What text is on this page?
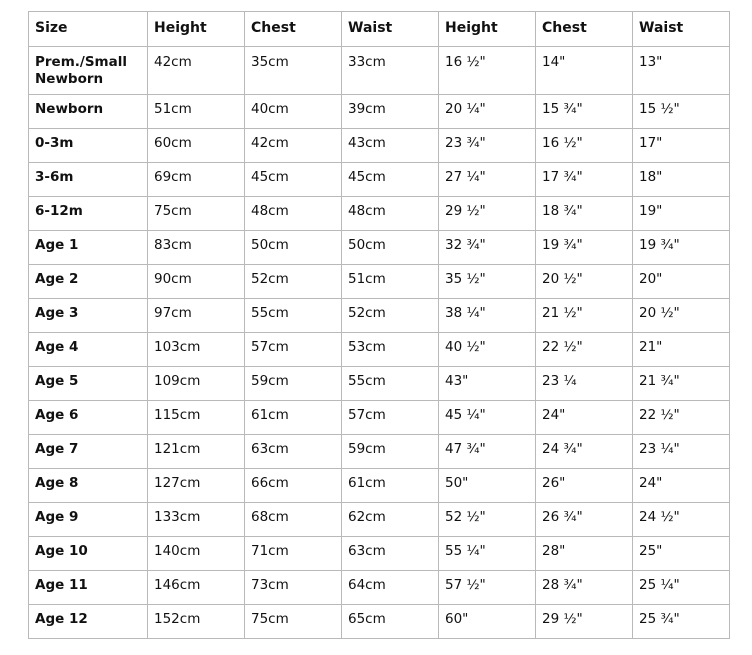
Size	Height	Chest	Waist	Height	Chest	Waist
Prem./Small Newborn	42cm	35cm	33cm	16 ½"	14"	13"
Newborn	51cm	40cm	39cm	20 ¼"	15 ¾"	15 ½"
0-3m	60cm	42cm	43cm	23 ¾"	16 ½"	17"
3-6m	69cm	45cm	45cm	27 ¼"	17 ¾"	18"
6-12m	75cm	48cm	48cm	29 ½"	18 ¾"	19"
Age 1	83cm	50cm	50cm	32 ¾"	19 ¾"	19 ¾"
Age 2	90cm	52cm	51cm	35 ½"	20 ½"	20"
Age 3	97cm	55cm	52cm	38 ¼"	21 ½"	20 ½"
Age 4	103cm	57cm	53cm	40 ½"	22 ½"	21"
Age 5	109cm	59cm	55cm	43"	23 ¼	21 ¾"
Age 6	115cm	61cm	57cm	45 ¼"	24"	22 ½"
Age 7	121cm	63cm	59cm	47 ¾"	24 ¾"	23 ¼"
Age 8	127cm	66cm	61cm	50"	26"	24"
Age 9	133cm	68cm	62cm	52 ½"	26 ¾"	24 ½"
Age 10	140cm	71cm	63cm	55 ¼"	28"	25"
Age 11	146cm	73cm	64cm	57 ½"	28 ¾"	25 ¼"
Age 12	152cm	75cm	65cm	60"	29 ½"	25 ¾"
